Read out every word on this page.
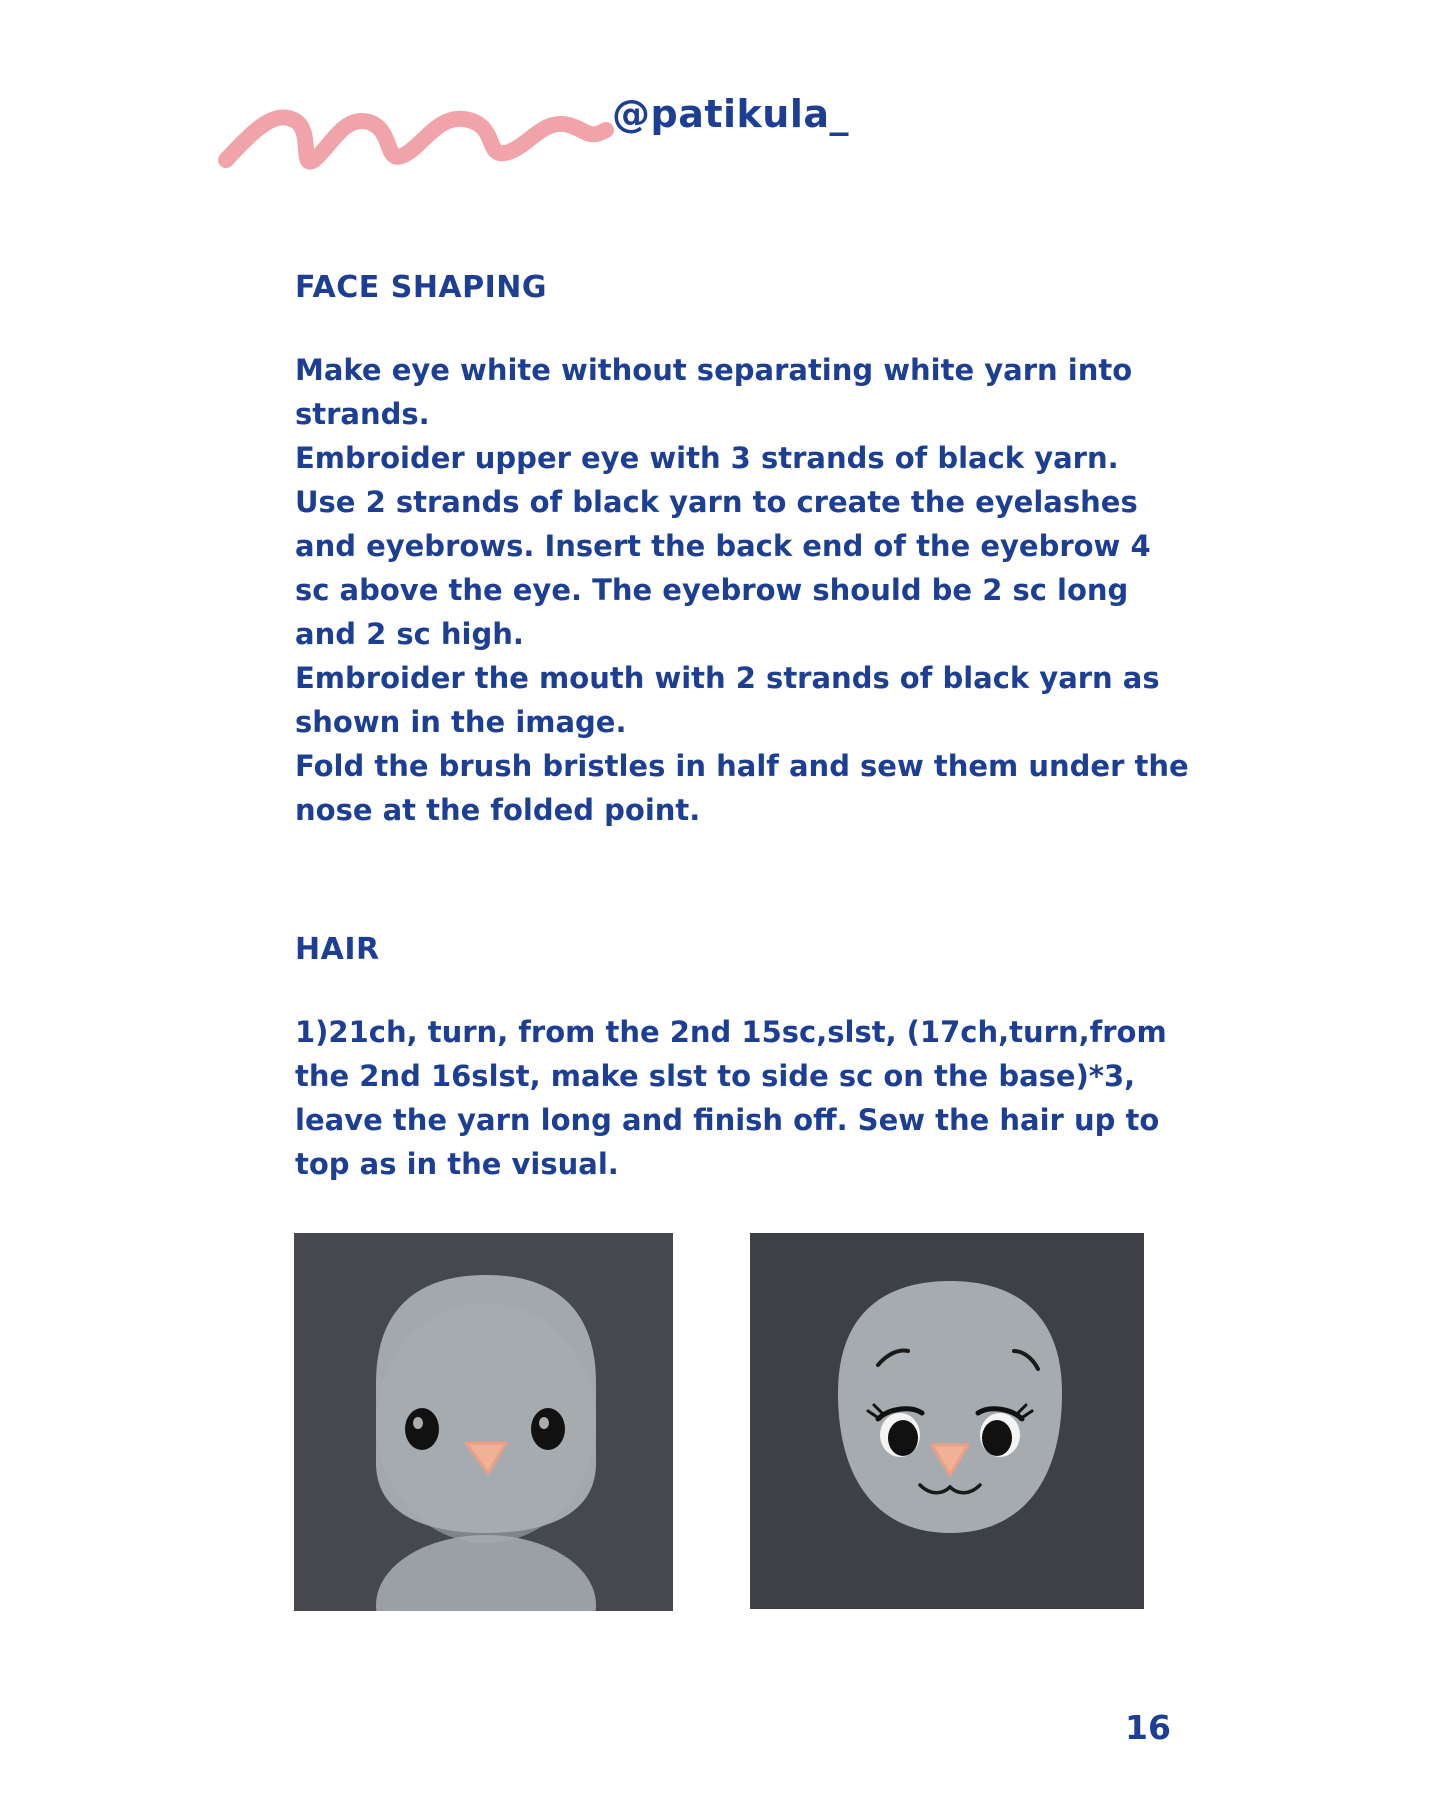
@patikula_
FACE SHAPING

Make eye white without separating white yarn into strands.

Embroider upper eye with 3 strands of black yarn.

Use 2 strands of black yarn to create the eyelashes and eyebrows. Insert the back end of the eyebrow 4 sc above the eye. The eyebrow should be 2 sc long and 2 sc high.

Embroider the mouth with 2 strands of black yarn as shown in the image.

Fold the brush bristles in half and sew them under the nose at the folded point.

HAIR

1)21ch, turn, from the 2nd 15sc,slst, (17ch,turn,from the 2nd 16slst, make slst to side sc on the base)*3, leave the yarn long and finish off. Sew the hair up to top as in the visual.

16
